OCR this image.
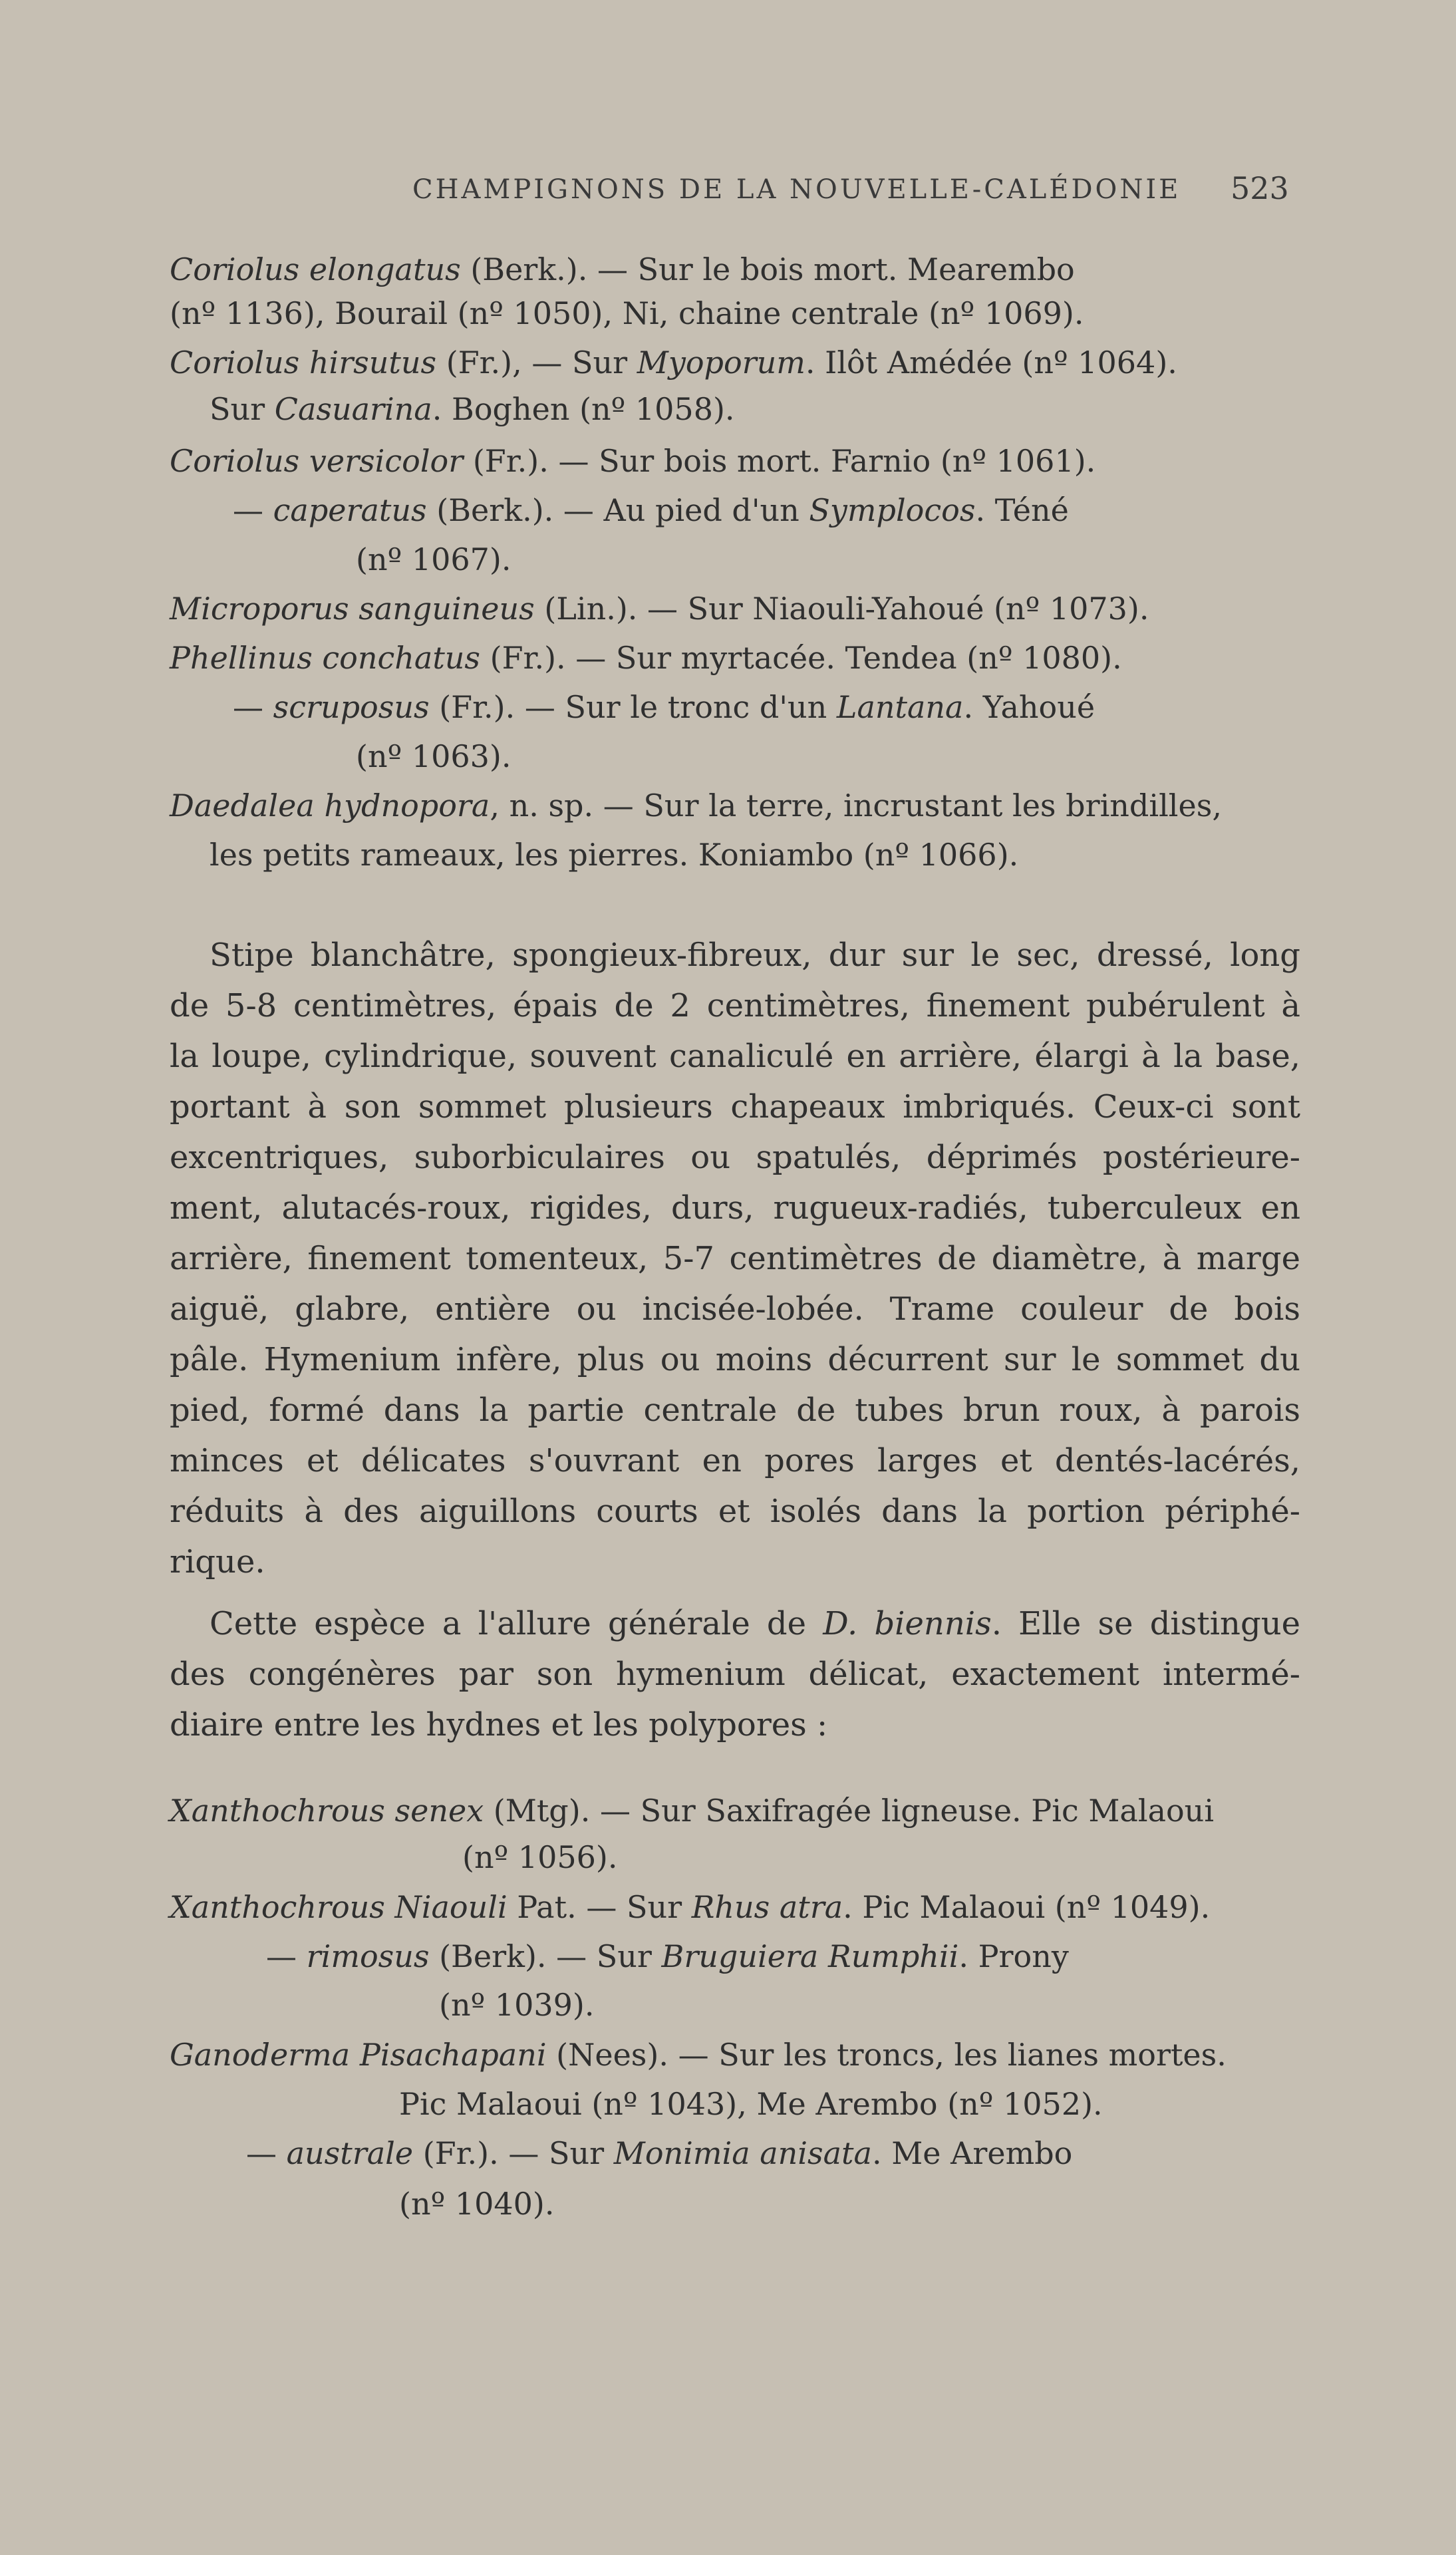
CHAMPIGNONS DE LA NOUVELLE-CALÉDONIE 523
Coriolus elongatus (Berk.). — Sur le bois mort. Mearembo
(nº 1136), Bourail (nº 1050), Ni, chaine centrale (nº 1069).
Coriolus hirsutus (Fr.), — Sur Myoporum. Ilôt Amédée (nº 1064).
Sur Casuarina. Boghen (nº 1058).
Coriolus versicolor (Fr.). — Sur bois mort. Farnio (nº 1061).
— caperatus (Berk.). — Au pied d'un Symplocos. Téné
(nº 1067).
Microporus sanguineus (Lin.). — Sur Niaouli-Yahoué (nº 1073).
Phellinus conchatus (Fr.). — Sur myrtacée. Tendea (nº 1080).
— scruposus (Fr.). — Sur le tronc d'un Lantana. Yahoué
(nº 1063).
Daedalea hydnopora, n. sp. — Sur la terre, incrustant les brindilles,
les petits rameaux, les pierres. Koniambo (nº 1066).
Stipe blanchâtre, spongieux-fibreux, dur sur le sec, dressé, long
de 5-8 centimètres, épais de 2 centimètres, finement pubérulent à
la loupe, cylindrique, souvent canaliculé en arrière, élargi à la base,
portant à son sommet plusieurs chapeaux imbriqués. Ceux-ci sont
excentriques, suborbiculaires ou spatulés, déprimés postérieure-
ment, alutacés-roux, rigides, durs, rugueux-radiés, tuberculeux en
arrière, finement tomenteux, 5-7 centimètres de diamètre, à marge
aiguë, glabre, entière ou incisée-lobée. Trame couleur de bois
pâle. Hymenium infère, plus ou moins décurrent sur le sommet du
pied, formé dans la partie centrale de tubes brun roux, à parois
minces et délicates s'ouvrant en pores larges et dentés-lacérés,
réduits à des aiguillons courts et isolés dans la portion périphé-
rique.
Cette espèce a l'allure générale de D. biennis. Elle se distingue
des congénères par son hymenium délicat, exactement intermé-
diaire entre les hydnes et les polypores :
Xanthochrous senex (Mtg). — Sur Saxifragée ligneuse. Pic Malaoui
(nº 1056).
Xanthochrous Niaouli Pat. — Sur Rhus atra. Pic Malaoui (nº 1049).
— rimosus (Berk). — Sur Bruguiera Rumphii. Prony
(nº 1039).
Ganoderma Pisachapani (Nees). — Sur les troncs, les lianes mortes.
Pic Malaoui (nº 1043), Me Arembo (nº 1052).
— australe (Fr.). — Sur Monimia anisata. Me Arembo
(nº 1040).
